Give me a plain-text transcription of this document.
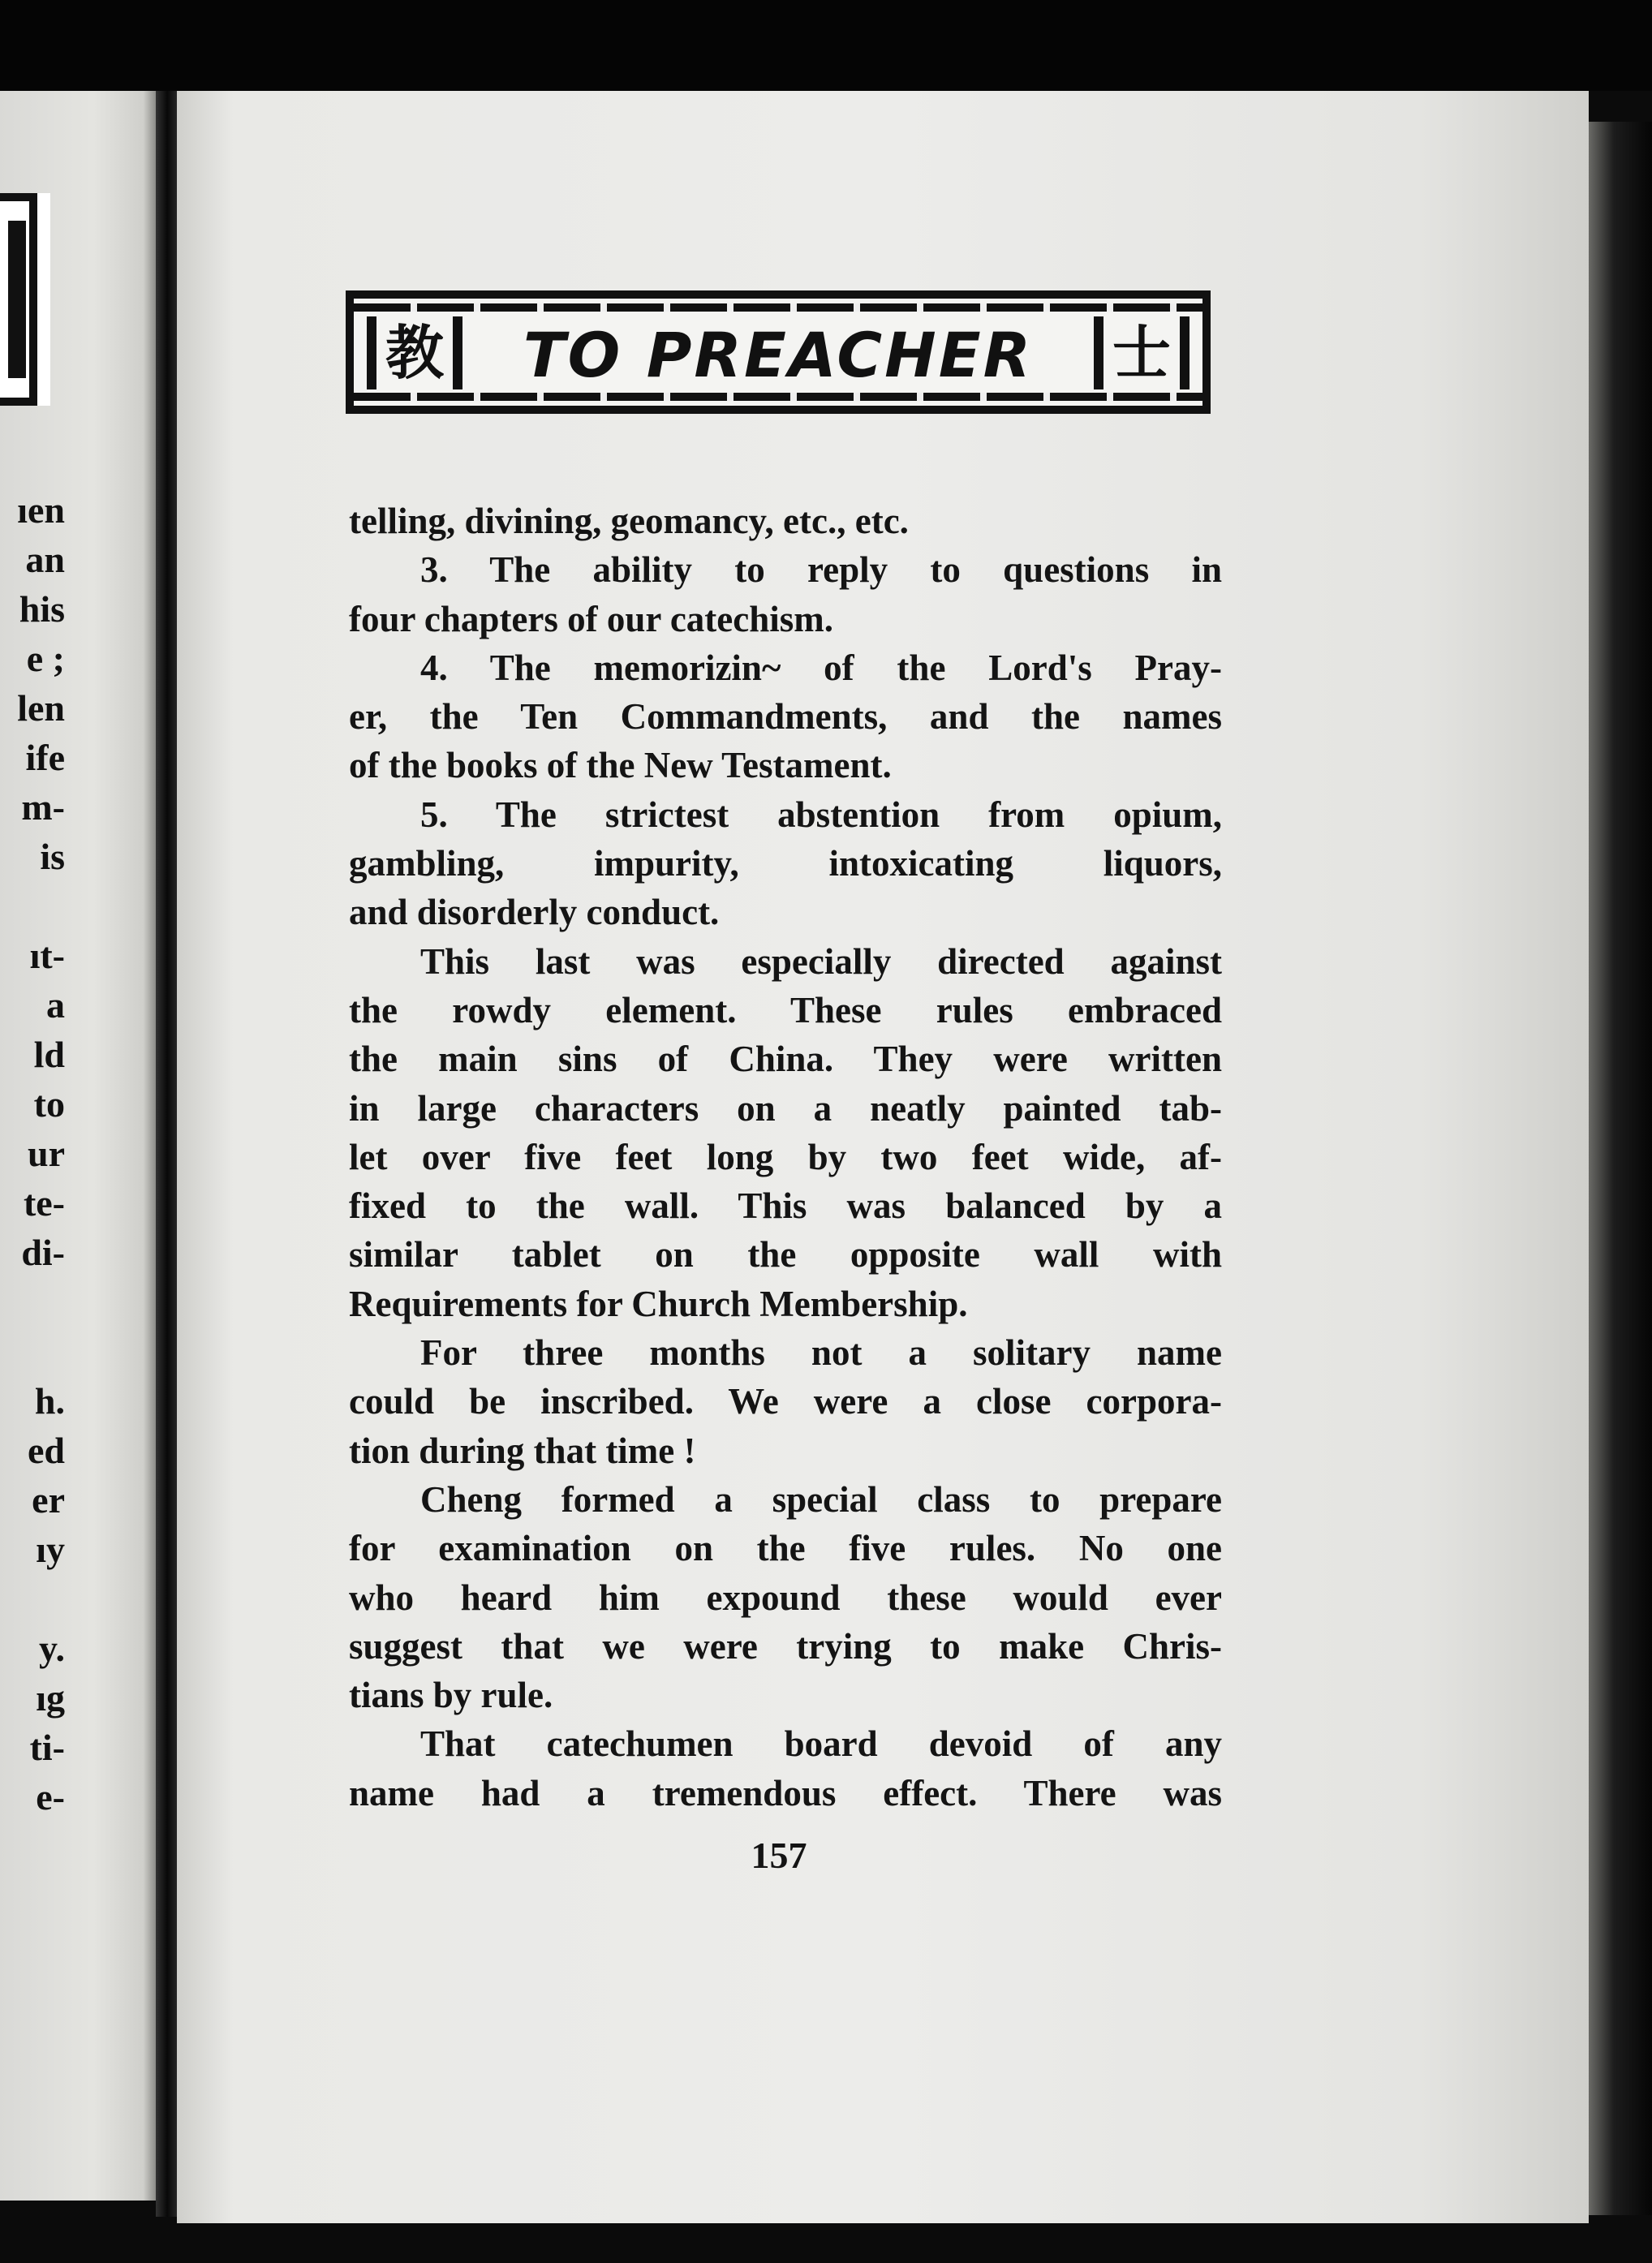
ıen
an
his
e ;
len
ife
m-
is
ıt-
a
ld
to
ur
te-
di-
h.
ed
er
ıy
y.
ıg
ti-
e-
教	TO PREACHER	士
telling, divining, geomancy, etc., etc.
3. The ability to reply to questions in
four chapters of our catechism.
4. The memorizin~ of the Lord's Pray-
er, the Ten Commandments, and the names
of the books of the New Testament.
5. The strictest abstention from opium,
gambling, impurity, intoxicating liquors,
and disorderly conduct.
This last was especially directed against
the rowdy element. These rules embraced
the main sins of China. They were written
in large characters on a neatly painted tab-
let over five feet long by two feet wide, af-
fixed to the wall. This was balanced by a
similar tablet on the opposite wall with
Requirements for Church Membership.
For three months not a solitary name
could be inscribed. We were a close corpora-
tion during that time !
Cheng formed a special class to prepare
for examination on the five rules. No one
who heard him expound these would ever
suggest that we were trying to make Chris-
tians by rule.
That catechumen board devoid of any
name had a tremendous effect. There was
157
